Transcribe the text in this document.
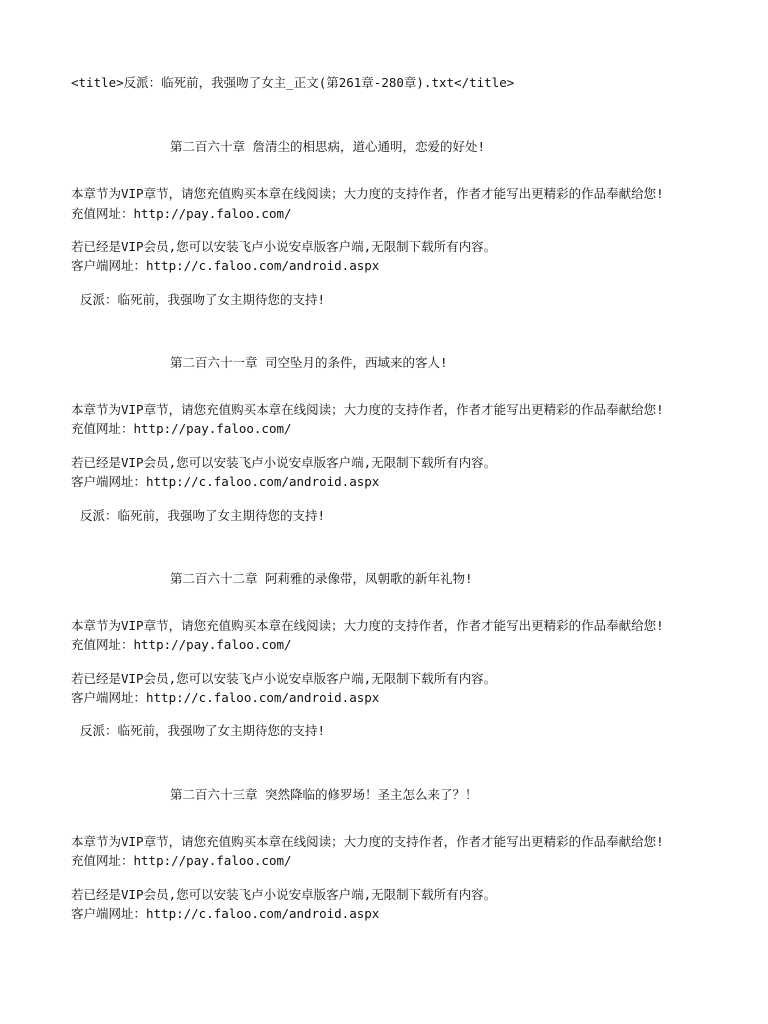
<title>反派：临死前，我强吻了女主_正文(第261章-280章).txt</title>
第二百六十章 詹清尘的相思病，道心通明，恋爱的好处!
本章节为VIP章节，请您充值购买本章在线阅读；大力度的支持作者，作者才能写出更精彩的作品奉献给您!
充值网址：http://pay.faloo.com/
若已经是VIP会员,您可以安装飞卢小说安卓版客户端,无限制下载所有内容。
客户端网址：http://c.faloo.com/android.aspx
反派：临死前，我强吻了女主期待您的支持!
第二百六十一章 司空坠月的条件，西域来的客人!
本章节为VIP章节，请您充值购买本章在线阅读；大力度的支持作者，作者才能写出更精彩的作品奉献给您!
充值网址：http://pay.faloo.com/
若已经是VIP会员,您可以安装飞卢小说安卓版客户端,无限制下载所有内容。
客户端网址：http://c.faloo.com/android.aspx
反派：临死前，我强吻了女主期待您的支持!
第二百六十二章 阿莉雅的录像带，凤朝歌的新年礼物!
本章节为VIP章节，请您充值购买本章在线阅读；大力度的支持作者，作者才能写出更精彩的作品奉献给您!
充值网址：http://pay.faloo.com/
若已经是VIP会员,您可以安装飞卢小说安卓版客户端,无限制下载所有内容。
客户端网址：http://c.faloo.com/android.aspx
反派：临死前，我强吻了女主期待您的支持!
第二百六十三章 突然降临的修罗场！圣主怎么来了？！
本章节为VIP章节，请您充值购买本章在线阅读；大力度的支持作者，作者才能写出更精彩的作品奉献给您!
充值网址：http://pay.faloo.com/
若已经是VIP会员,您可以安装飞卢小说安卓版客户端,无限制下载所有内容。
客户端网址：http://c.faloo.com/android.aspx
